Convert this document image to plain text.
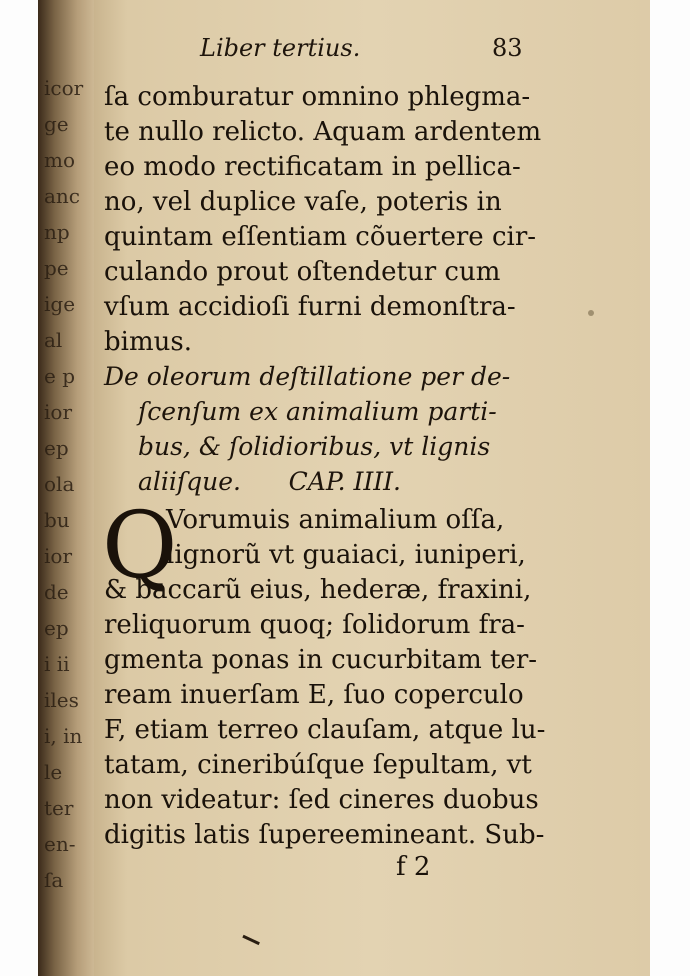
icor
ge
mo
anc
np
pe
ige
al
e p
ior
ep
ola
bu
ior
de
ep
i ii
iles
i, in
le
ter
en-
ſa
Liber tertius.	83
ſa comburatur omnino phlegma-
te nullo relicto. Aquam ardentem
eo modo rectificatam in pellica-
no, vel duplice vaſe, poteris in
quintam eſſentiam cõuertere cir-
culando prout oſtendetur cum
vſum accidioſi furni demonſtra-
bimus.
De oleorum deſtillatione per de-
ſcenſum ex animalium parti-
bus, & ſolidioribus, vt lignis
aliiſque.      CAP. IIII.
Q
Vorumuis animalium oſſa,
lignorũ vt guaiaci, iuniperi,
& baccarũ eius, hederæ, fraxini,
reliquorum quoq; ſolidorum fra-
gmenta ponas in cucurbitam ter-
ream inuerſam E, ſuo coperculo
F, etiam terreo clauſam, atque lu-
tatam, cineribúſque ſepultam, vt
non videatur: ſed cineres duobus
digitis latis ſupereemineant. Sub-
f 2
